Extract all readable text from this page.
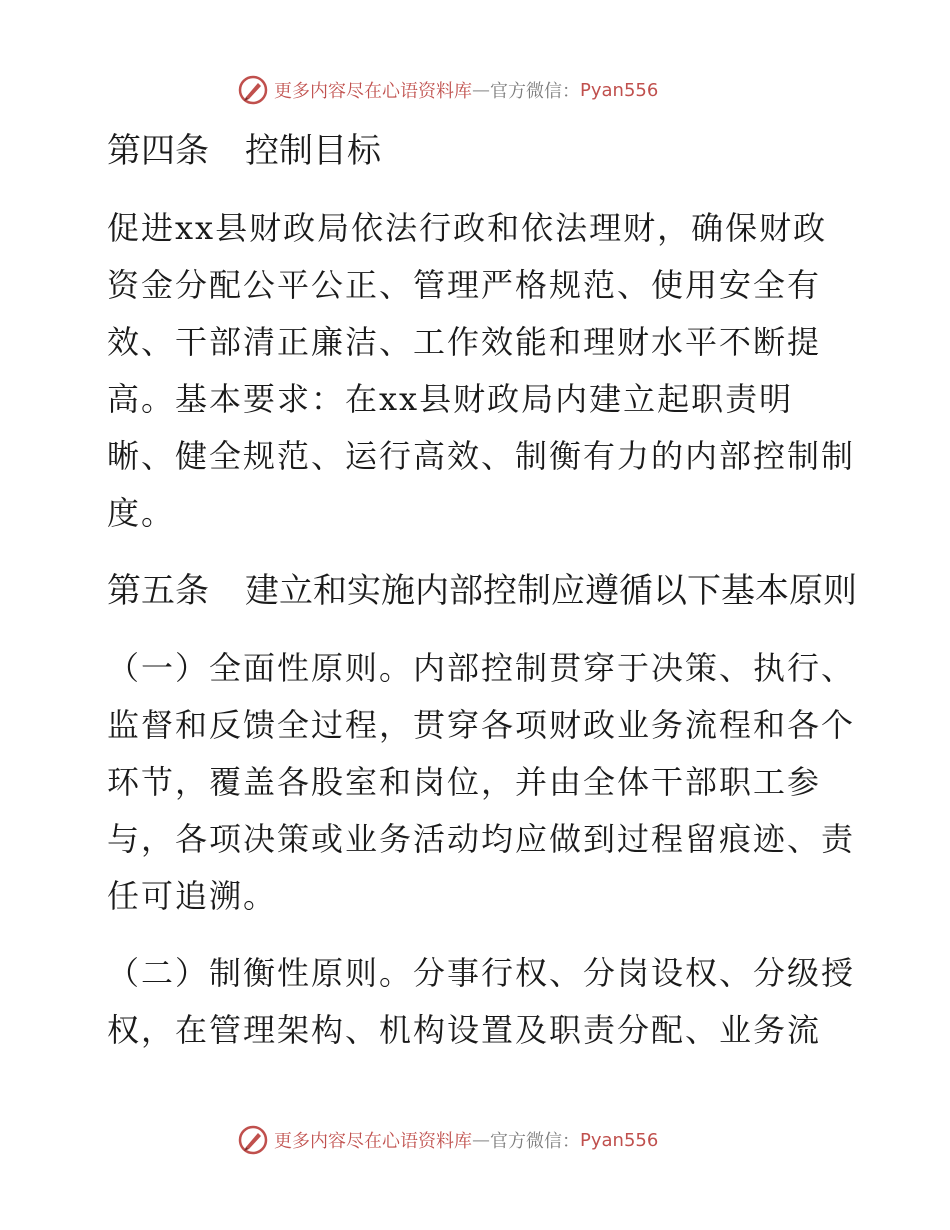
更多内容尽在心语资料库 — 官方微信： Pyan556
第四条 控制目标

促进xx县财政局依法行政和依法理财，确保财政资金分配公平公正、管理严格规范、使用安全有效、干部清正廉洁、工作效能和理财水平不断提高。基本要求：在xx县财政局内建立起职责明晰、健全规范、运行高效、制衡有力的内部控制制度。

第五条 建立和实施内部控制应遵循以下基本原则

（一）全面性原则。内部控制贯穿于决策、执行、监督和反馈全过程，贯穿各项财政业务流程和各个环节，覆盖各股室和岗位，并由全体干部职工参与，各项决策或业务活动均应做到过程留痕迹、责任可追溯。

（二）制衡性原则。分事行权、分岗设权、分级授权，在管理架构、机构设置及职责分配、业务流

更多内容尽在心语资料库 — 官方微信： Pyan556
